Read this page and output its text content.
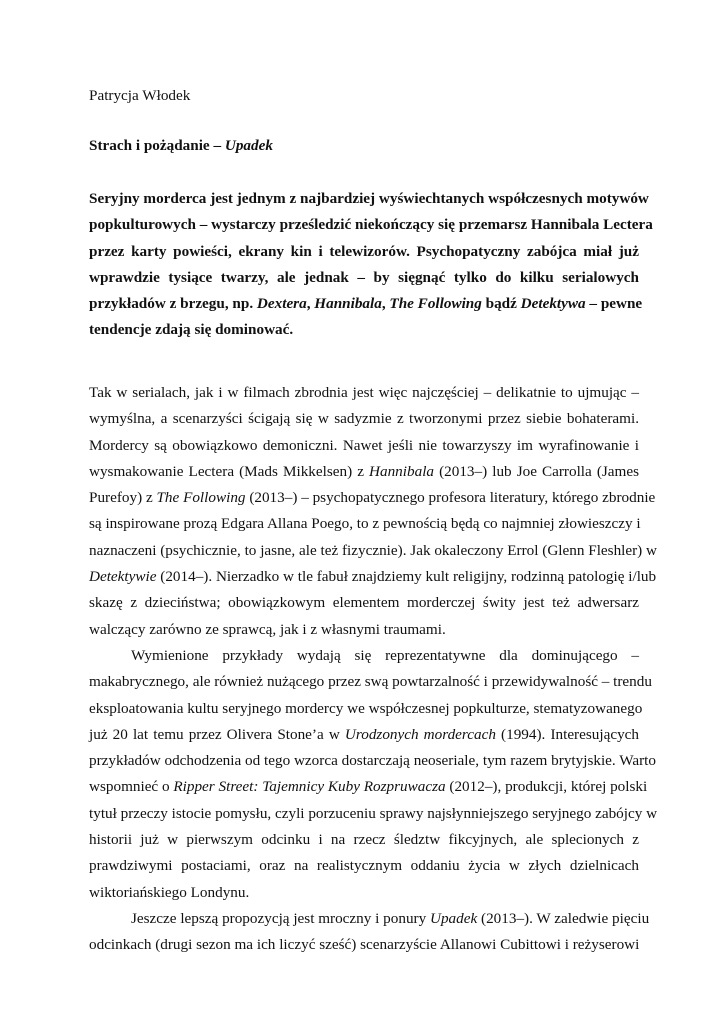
Patrycja Włodek
Strach i pożądanie – Upadek
Seryjny morderca jest jednym z najbardziej wyświechtanych współczesnych motywów
popkulturowych – wystarczy prześledzić niekończący się przemarsz Hannibala Lectera
przez karty powieści, ekrany kin i telewizorów. Psychopatyczny zabójca miał już
wprawdzie tysiące twarzy, ale jednak – by sięgnąć tylko do kilku serialowych
przykładów z brzegu, np. Dextera, Hannibala, The Following bądź Detektywa – pewne
tendencje zdają się dominować.
Tak w serialach, jak i w filmach zbrodnia jest więc najczęściej – delikatnie to ujmując –
wymyślna, a scenarzyści ścigają się w sadyzmie z tworzonymi przez siebie bohaterami.
Mordercy są obowiązkowo demoniczni. Nawet jeśli nie towarzyszy im wyrafinowanie i
wysmakowanie Lectera (Mads Mikkelsen) z Hannibala (2013–) lub Joe Carrolla (James
Purefoy) z The Following (2013–) – psychopatycznego profesora literatury, którego zbrodnie
są inspirowane prozą Edgara Allana Poego, to z pewnością będą co najmniej złowieszczy i
naznaczeni (psychicznie, to jasne, ale też fizycznie). Jak okaleczony Errol (Glenn Fleshler) w
Detektywie (2014–). Nierzadko w tle fabuł znajdziemy kult religijny, rodzinną patologię i/lub
skazę z dzieciństwa; obowiązkowym elementem morderczej świty jest też adwersarz
walczący zarówno ze sprawcą, jak i z własnymi traumami.
Wymienione przykłady wydają się reprezentatywne dla dominującego –
makabrycznego, ale również nużącego przez swą powtarzalność i przewidywalność – trendu
eksploatowania kultu seryjnego mordercy we współczesnej popkulturze, stematyzowanego
już 20 lat temu przez Olivera Stone’a w Urodzonych mordercach (1994). Interesujących
przykładów odchodzenia od tego wzorca dostarczają neoseriale, tym razem brytyjskie. Warto
wspomnieć o Ripper Street: Tajemnicy Kuby Rozpruwacza (2012–), produkcji, której polski
tytuł przeczy istocie pomysłu, czyli porzuceniu sprawy najsłynniejszego seryjnego zabójcy w
historii już w pierwszym odcinku i na rzecz śledztw fikcyjnych, ale splecionych z
prawdziwymi postaciami, oraz na realistycznym oddaniu życia w złych dzielnicach
wiktoriańskiego Londynu.
Jeszcze lepszą propozycją jest mroczny i ponury Upadek (2013–). W zaledwie pięciu
odcinkach (drugi sezon ma ich liczyć sześć) scenarzyście Allanowi Cubittowi i reżyserowi
